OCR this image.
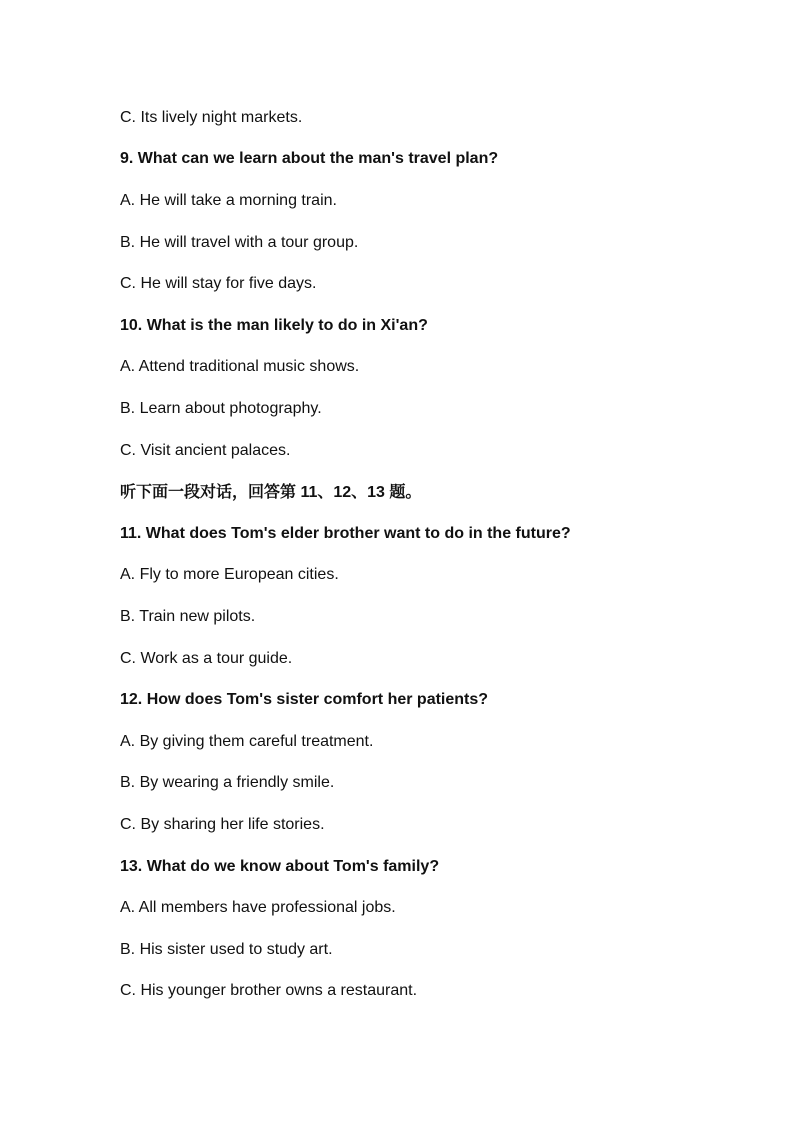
C. Its lively night markets.
9. What can we learn about the man's travel plan?
A. He will take a morning train.
B. He will travel with a tour group.
C. He will stay for five days.
10. What is the man likely to do in Xi'an?
A. Attend traditional music shows.
B. Learn about photography.
C. Visit ancient palaces.
听下面一段对话，回答第 11、12、13 题。
11. What does Tom's elder brother want to do in the future?
A. Fly to more European cities.
B. Train new pilots.
C. Work as a tour guide.
12. How does Tom's sister comfort her patients?
A. By giving them careful treatment.
B. By wearing a friendly smile.
C. By sharing her life stories.
13. What do we know about Tom's family?
A. All members have professional jobs.
B. His sister used to study art.
C. His younger brother owns a restaurant.
